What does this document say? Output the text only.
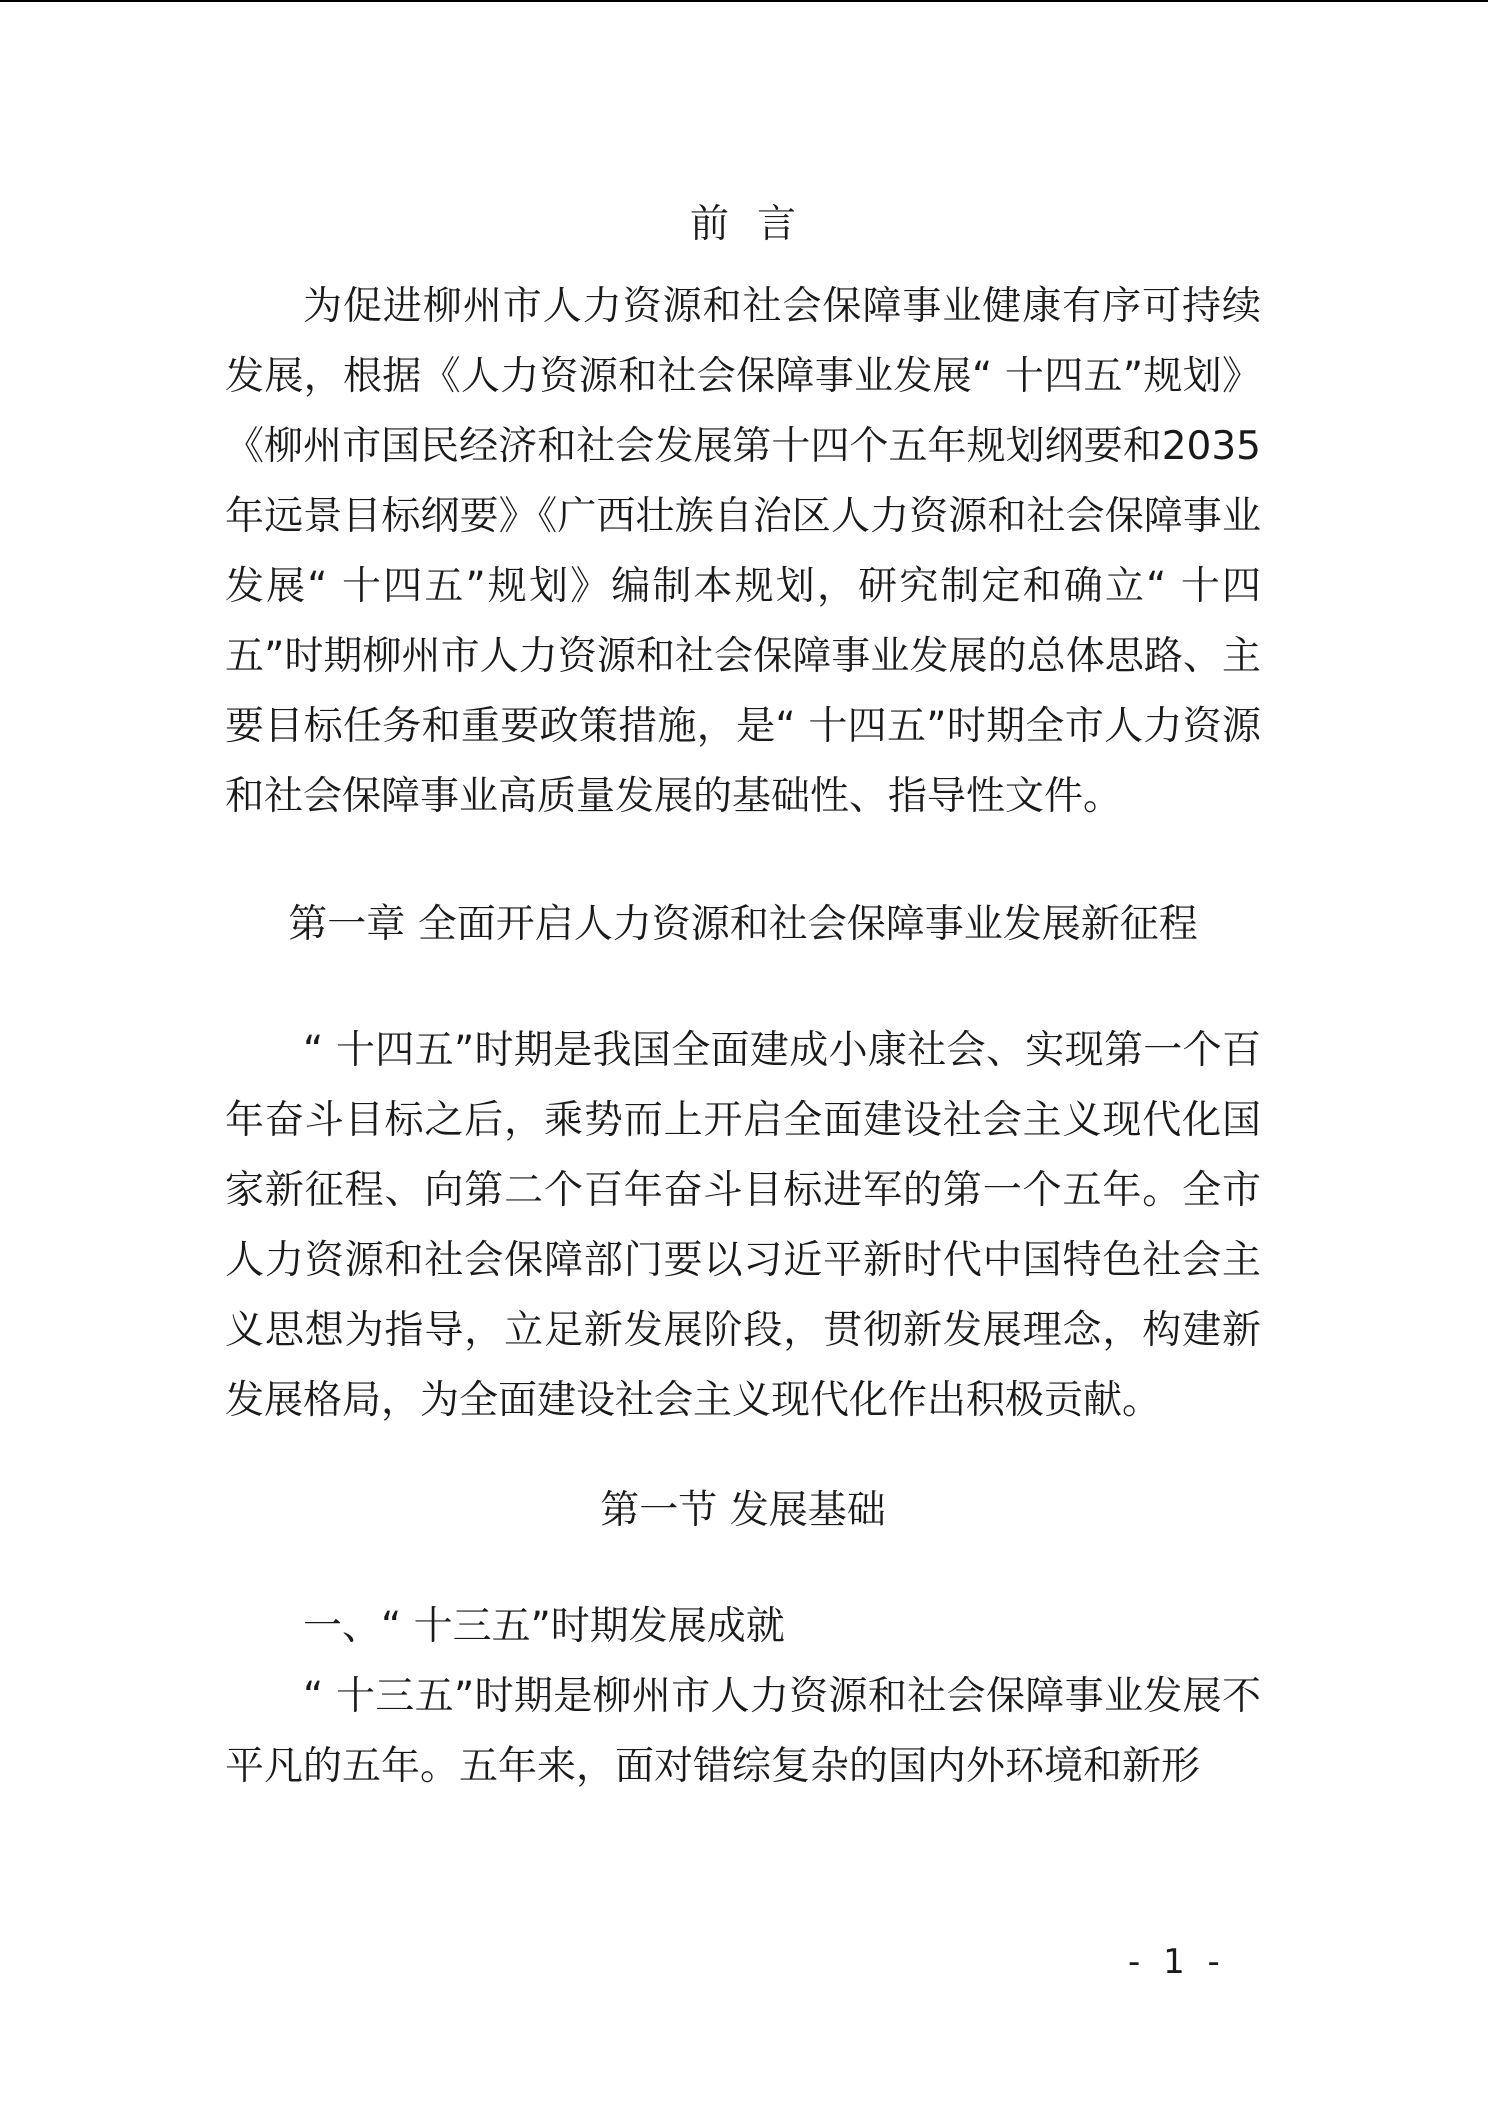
前言

为促进柳州市人力资源和社会保障事业健康有序可持续发展，根据《人力资源和社会保障事业发展“ 十四五”规划》《柳州市国民经济和社会发展第十四个五年规划纲要和2035年远景目标纲要》《广西壮族自治区人力资源和社会保障事业发展“ 十四五”规划》编制本规划，研究制定和确立“ 十四五”时期柳州市人力资源和社会保障事业发展的总体思路、主要目标任务和重要政策措施，是“ 十四五”时期全市人力资源和社会保障事业高质量发展的基础性、指导性文件。

第一章 全面开启人力资源和社会保障事业发展新征程

“ 十四五”时期是我国全面建成小康社会、实现第一个百年奋斗目标之后，乘势而上开启全面建设社会主义现代化国家新征程、向第二个百年奋斗目标进军的第一个五年。全市人力资源和社会保障部门要以习近平新时代中国特色社会主义思想为指导，立足新发展阶段，贯彻新发展理念，构建新发展格局，为全面建设社会主义现代化作出积极贡献。

第一节 发展基础

一、“ 十三五”时期发展成就

“ 十三五”时期是柳州市人力资源和社会保障事业发展不平凡的五年。五年来，面对错综复杂的国内外环境和新形

- 1 -
